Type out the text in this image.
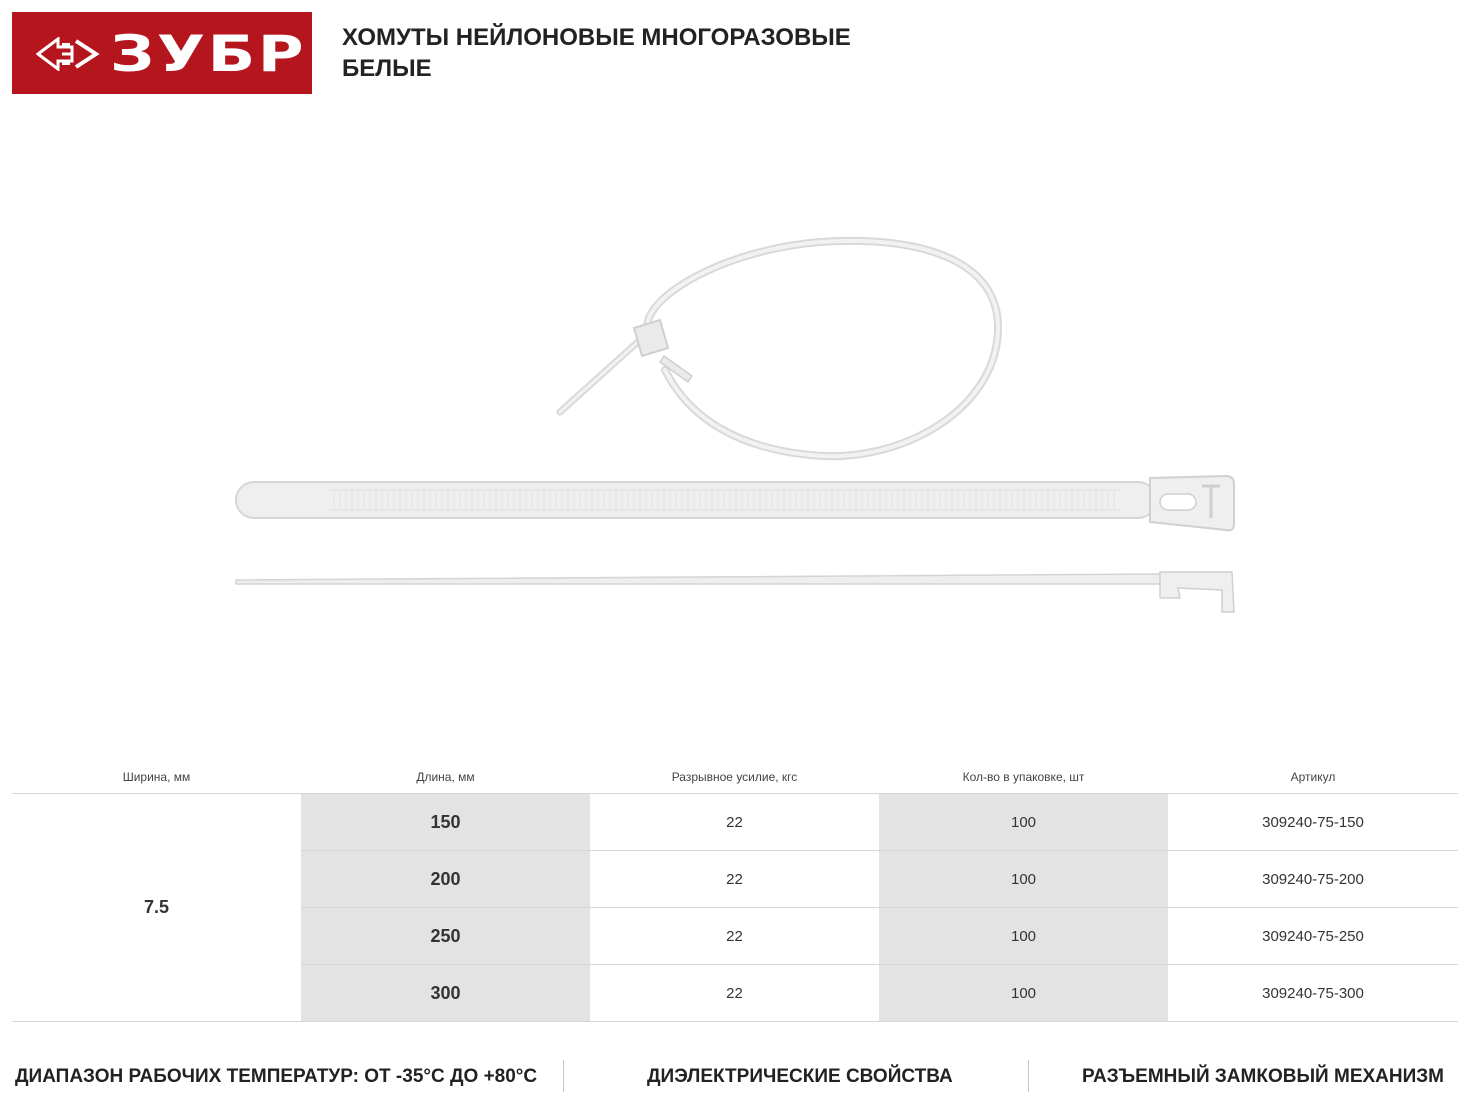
ЗУБР ХОМУТЫ НЕЙЛОНОВЫЕ МНОГОРАЗОВЫЕ
БЕЛЫЕ
Ширина, мм	Длина, мм	Разрывное усилие, кгс	Кол-во в упаковке, шт	Артикул
7.5	150	22	100	309240-75-150
	200	22	100	309240-75-200
	250	22	100	309240-75-250
	300	22	100	309240-75-300
ДИАПАЗОН РАБОЧИХ ТЕМПЕРАТУР: ОТ -35°С ДО +80°С	ДИЭЛЕКТРИЧЕСКИЕ СВОЙСТВА	РАЗЪЕМНЫЙ ЗАМКОВЫЙ МЕХАНИЗМ
